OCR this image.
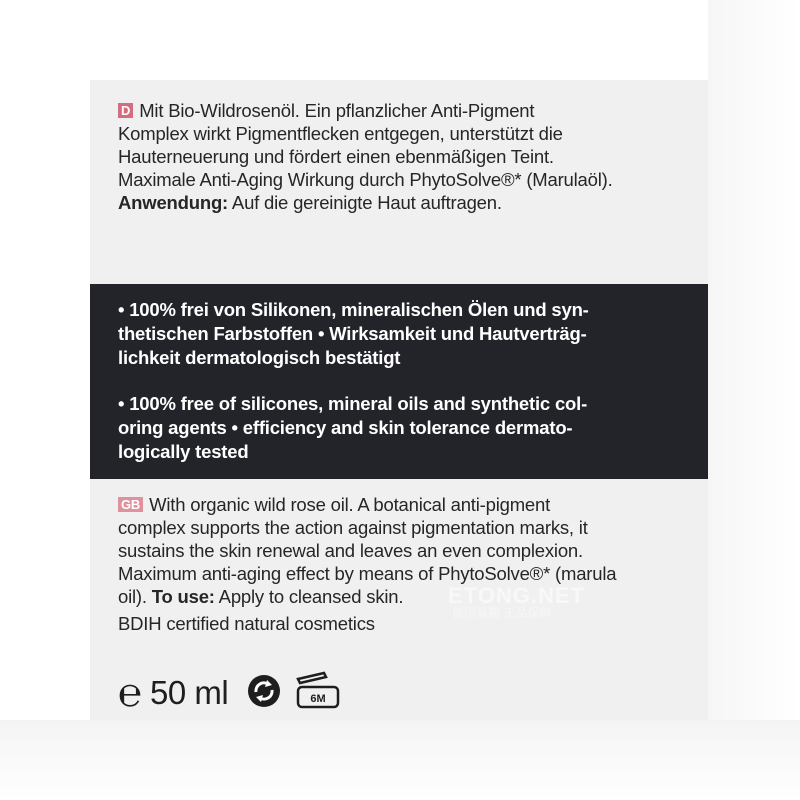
D Mit Bio-Wildrosenöl. Ein pflanzlicher Anti-Pigment
Komplex wirkt Pigmentflecken entgegen, unterstützt die
Hauterneuerung und fördert einen ebenmäßigen Teint.
Maximale Anti-Aging Wirkung durch PhytoSolve®* (Marulaöl).
Anwendung: Auf die gereinigte Haut auftragen.
• 100% frei von Silikonen, mineralischen Ölen und syn-
thetischen Farbstoffen • Wirksamkeit und Hautverträg-
lichkeit dermatologisch bestätigt
• 100% free of silicones, mineral oils and synthetic col-
oring agents • efficiency and skin tolerance dermato-
logically tested
GB With organic wild rose oil. A botanical anti-pigment
complex supports the action against pigmentation marks, it
sustains the skin renewal and leaves an even complexion.
Maximum anti-aging effect by means of PhytoSolve®* (marula
oil). To use: Apply to cleansed skin.
BDIH certified natural cosmetics
ETONG.NET
德国易趣 正品保障
℮ 50 ml	6M
